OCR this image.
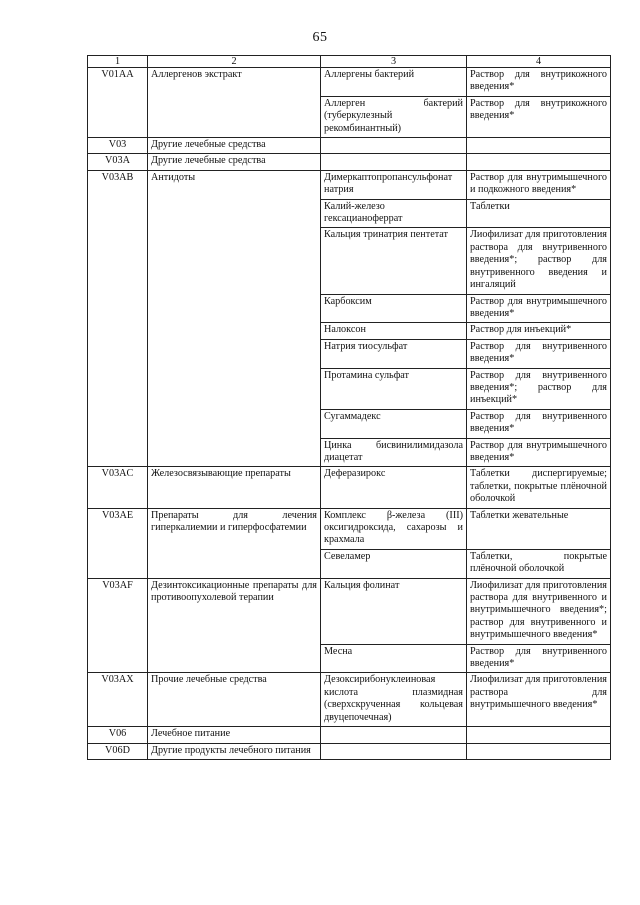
65
1	2	3	4
V01AA	Аллергенов экстракт	Аллергены бактерий	Раствор для внутрикожного введения*
		Аллерген бактерий (туберкулезный рекомбинантный)	Раствор для внутрикожного введения*
V03	Другие лечебные средства		
V03A	Другие лечебные средства		
V03AB	Антидоты	Димеркаптопропансульфонат натрия	Раствор для внутримышечного и подкожного введения*
		Калий-железо гексацианоферрат	Таблетки
		Кальция тринатрия пентетат	Лиофилизат для приготовления раствора для внутривенного введения*; раствор для внутривенного введения и ингаляций
		Карбоксим	Раствор для внутримышечного введения*
		Налоксон	Раствор для инъекций*
		Натрия тиосульфат	Раствор для внутривенного введения*
		Протамина сульфат	Раствор для внутривенного введения*; раствор для инъекций*
		Сугаммадекс	Раствор для внутривенного введения*
		Цинка бисвинилимидазола диацетат	Раствор для внутримышечного введения*
V03AC	Железосвязывающие препараты	Деферазирокс	Таблетки диспергируемые; таблетки, покрытые плёночной оболочкой
V03AE	Препараты для лечения гиперкалиемии и гиперфосфатемии	Комплекс β-железа (III) оксигидроксида, сахарозы и крахмала	Таблетки жевательные
		Севеламер	Таблетки, покрытые плёночной оболочкой
V03AF	Дезинтоксикационные препараты для противоопухолевой терапии	Кальция фолинат	Лиофилизат для приготовления раствора для внутривенного и внутримышечного введения*; раствор для внутривенного и внутримышечного введения*
		Месна	Раствор для внутривенного введения*
V03AX	Прочие лечебные средства	Дезоксирибонуклеиновая кислота плазмидная (сверхскрученная кольцевая двуцепочечная)	Лиофилизат для приготовления раствора для внутримышечного введения*
V06	Лечебное питание		
V06D	Другие продукты лечебного питания		
